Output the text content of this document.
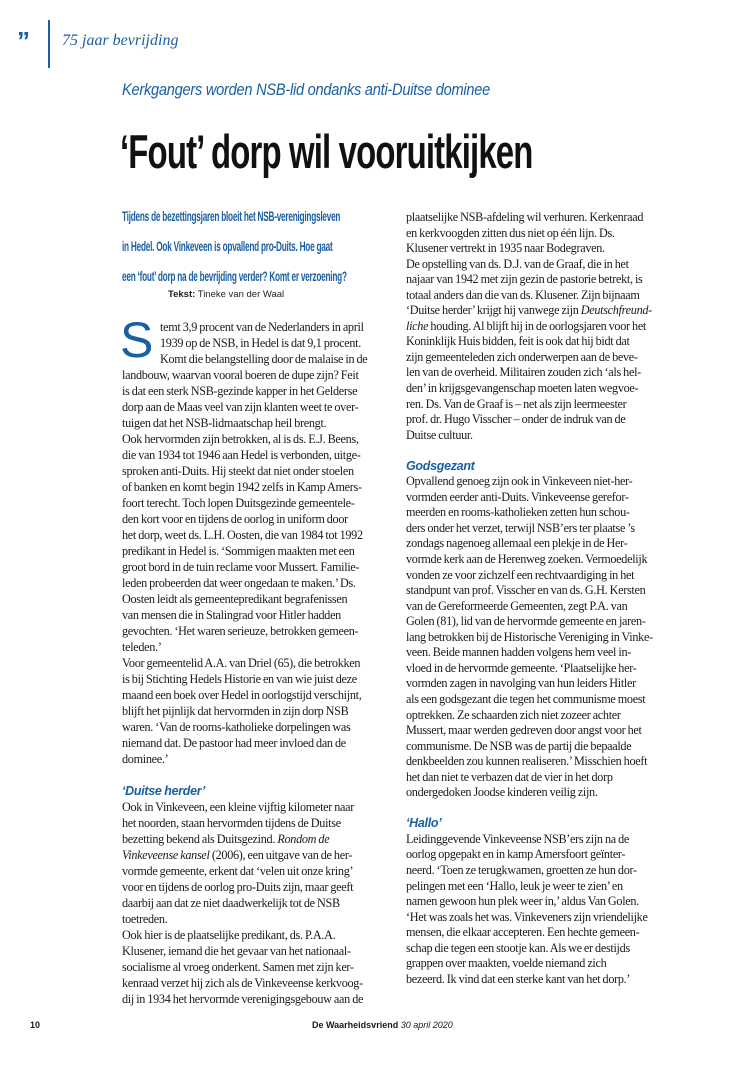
” 75 jaar bevrijding
Kerkgangers worden NSB-lid ondanks anti-Duitse dominee
‘Fout’ dorp wil vooruitkijken
Tijdens de bezettingsjaren bloeit het NSB-verenigingsleven
in Hedel. Ook Vinkeveen is opvallend pro-Duits. Hoe gaat
een ‘fout’ dorp na de bevrijding verder? Komt er verzoening?
Tekst: Tineke van der Waal
S temt 3,9 procent van de Nederlanders in april
1939 op de NSB, in Hedel is dat 9,1 procent.
Komt die belangstelling door de malaise in de
landbouw, waarvan vooral boeren de dupe zijn? Feit
is dat een sterk NSB-gezinde kapper in het Gelderse
dorp aan de Maas veel van zijn klanten weet te over-
tuigen dat het NSB-lidmaatschap heil brengt.
Ook hervormden zijn betrokken, al is ds. E.J. Beens,
die van 1934 tot 1946 aan Hedel is verbonden, uitge-
sproken anti-Duits. Hij steekt dat niet onder stoelen
of banken en komt begin 1942 zelfs in Kamp Amers-
foort terecht. Toch lopen Duitsgezinde gemeentele-
den kort voor en tijdens de oorlog in uniform door
het dorp, weet ds. L.H. Oosten, die van 1984 tot 1992
predikant in Hedel is. ‘Sommigen maakten met een
groot bord in de tuin reclame voor Mussert. Familie-
leden probeerden dat weer ongedaan te maken.’ Ds.
Oosten leidt als gemeentepredikant begrafenissen
van mensen die in Stalingrad voor Hitler hadden
gevochten. ‘Het waren serieuze, betrokken gemeen-
teleden.’
Voor gemeentelid A.A. van Driel (65), die betrokken
is bij Stichting Hedels Historie en van wie juist deze
maand een boek over Hedel in oorlogstijd verschijnt,
blijft het pijnlijk dat hervormden in zijn dorp NSB
waren. ‘Van de rooms-katholieke dorpelingen was
niemand dat. De pastoor had meer invloed dan de
dominee.’
‘Duitse herder’
Ook in Vinkeveen, een kleine vijftig kilometer naar
het noorden, staan hervormden tijdens de Duitse
bezetting bekend als Duitsgezind. Rondom de
Vinkeveense kansel (2006), een uitgave van de her-
vormde gemeente, erkent dat ‘velen uit onze kring’
voor en tijdens de oorlog pro-Duits zijn, maar geeft
daarbij aan dat ze niet daadwerkelijk tot de NSB
toetreden.
Ook hier is de plaatselijke predikant, ds. P.A.A.
Klusener, iemand die het gevaar van het nationaal-
socialisme al vroeg onderkent. Samen met zijn ker-
kenraad verzet hij zich als de Vinkeveense kerkvoog-
dij in 1934 het hervormde verenigingsgebouw aan de
plaatselijke NSB-afdeling wil verhuren. Kerkenraad
en kerkvoogden zitten dus niet op één lijn. Ds.
Klusener vertrekt in 1935 naar Bodegraven.
De opstelling van ds. D.J. van de Graaf, die in het
najaar van 1942 met zijn gezin de pastorie betrekt, is
totaal anders dan die van ds. Klusener. Zijn bijnaam
‘Duitse herder’ krijgt hij vanwege zijn Deutschfreund-
liche houding. Al blijft hij in de oorlogsjaren voor het
Koninklijk Huis bidden, feit is ook dat hij bidt dat
zijn gemeenteleden zich onderwerpen aan de beve-
len van de overheid. Militairen zouden zich ‘als hel-
den’ in krijgsgevangenschap moeten laten wegvoe-
ren. Ds. Van de Graaf is – net als zijn leermeester
prof. dr. Hugo Visscher – onder de indruk van de
Duitse cultuur.
Godsgezant
Opvallend genoeg zijn ook in Vinkeveen niet-her-
vormden eerder anti-Duits. Vinkeveense gerefor-
meerden en rooms-katholieken zetten hun schou-
ders onder het verzet, terwijl NSB’ers ter plaatse ’s
zondags nagenoeg allemaal een plekje in de Her-
vormde kerk aan de Herenweg zoeken. Vermoedelijk
vonden ze voor zichzelf een rechtvaardiging in het
standpunt van prof. Visscher en van ds. G.H. Kersten
van de Gereformeerde Gemeenten, zegt P.A. van
Golen (81), lid van de hervormde gemeente en jaren-
lang betrokken bij de Historische Vereniging in Vinke-
veen. Beide mannen hadden volgens hem veel in-
vloed in de hervormde gemeente. ‘Plaatselijke her-
vormden zagen in navolging van hun leiders Hitler
als een godsgezant die tegen het communisme moest
optrekken. Ze schaarden zich niet zozeer achter
Mussert, maar werden gedreven door angst voor het
communisme. De NSB was de partij die bepaalde
denkbeelden zou kunnen realiseren.’ Misschien hoeft
het dan niet te verbazen dat de vier in het dorp
ondergedoken Joodse kinderen veilig zijn.
‘Hallo’
Leidinggevende Vinkeveense NSB’ers zijn na de
oorlog opgepakt en in kamp Amersfoort geïnter-
neerd. ‘Toen ze terugkwamen, groetten ze hun dor-
pelingen met een ‘Hallo, leuk je weer te zien’ en
namen gewoon hun plek weer in,’ aldus Van Golen.
‘Het was zoals het was. Vinkeveners zijn vriendelijke
mensen, die elkaar accepteren. Een hechte gemeen-
schap die tegen een stootje kan. Als we er destijds
grappen over maakten, voelde niemand zich
bezeerd. Ik vind dat een sterke kant van het dorp.’
10	De Waarheidsvriend 30 april 2020
